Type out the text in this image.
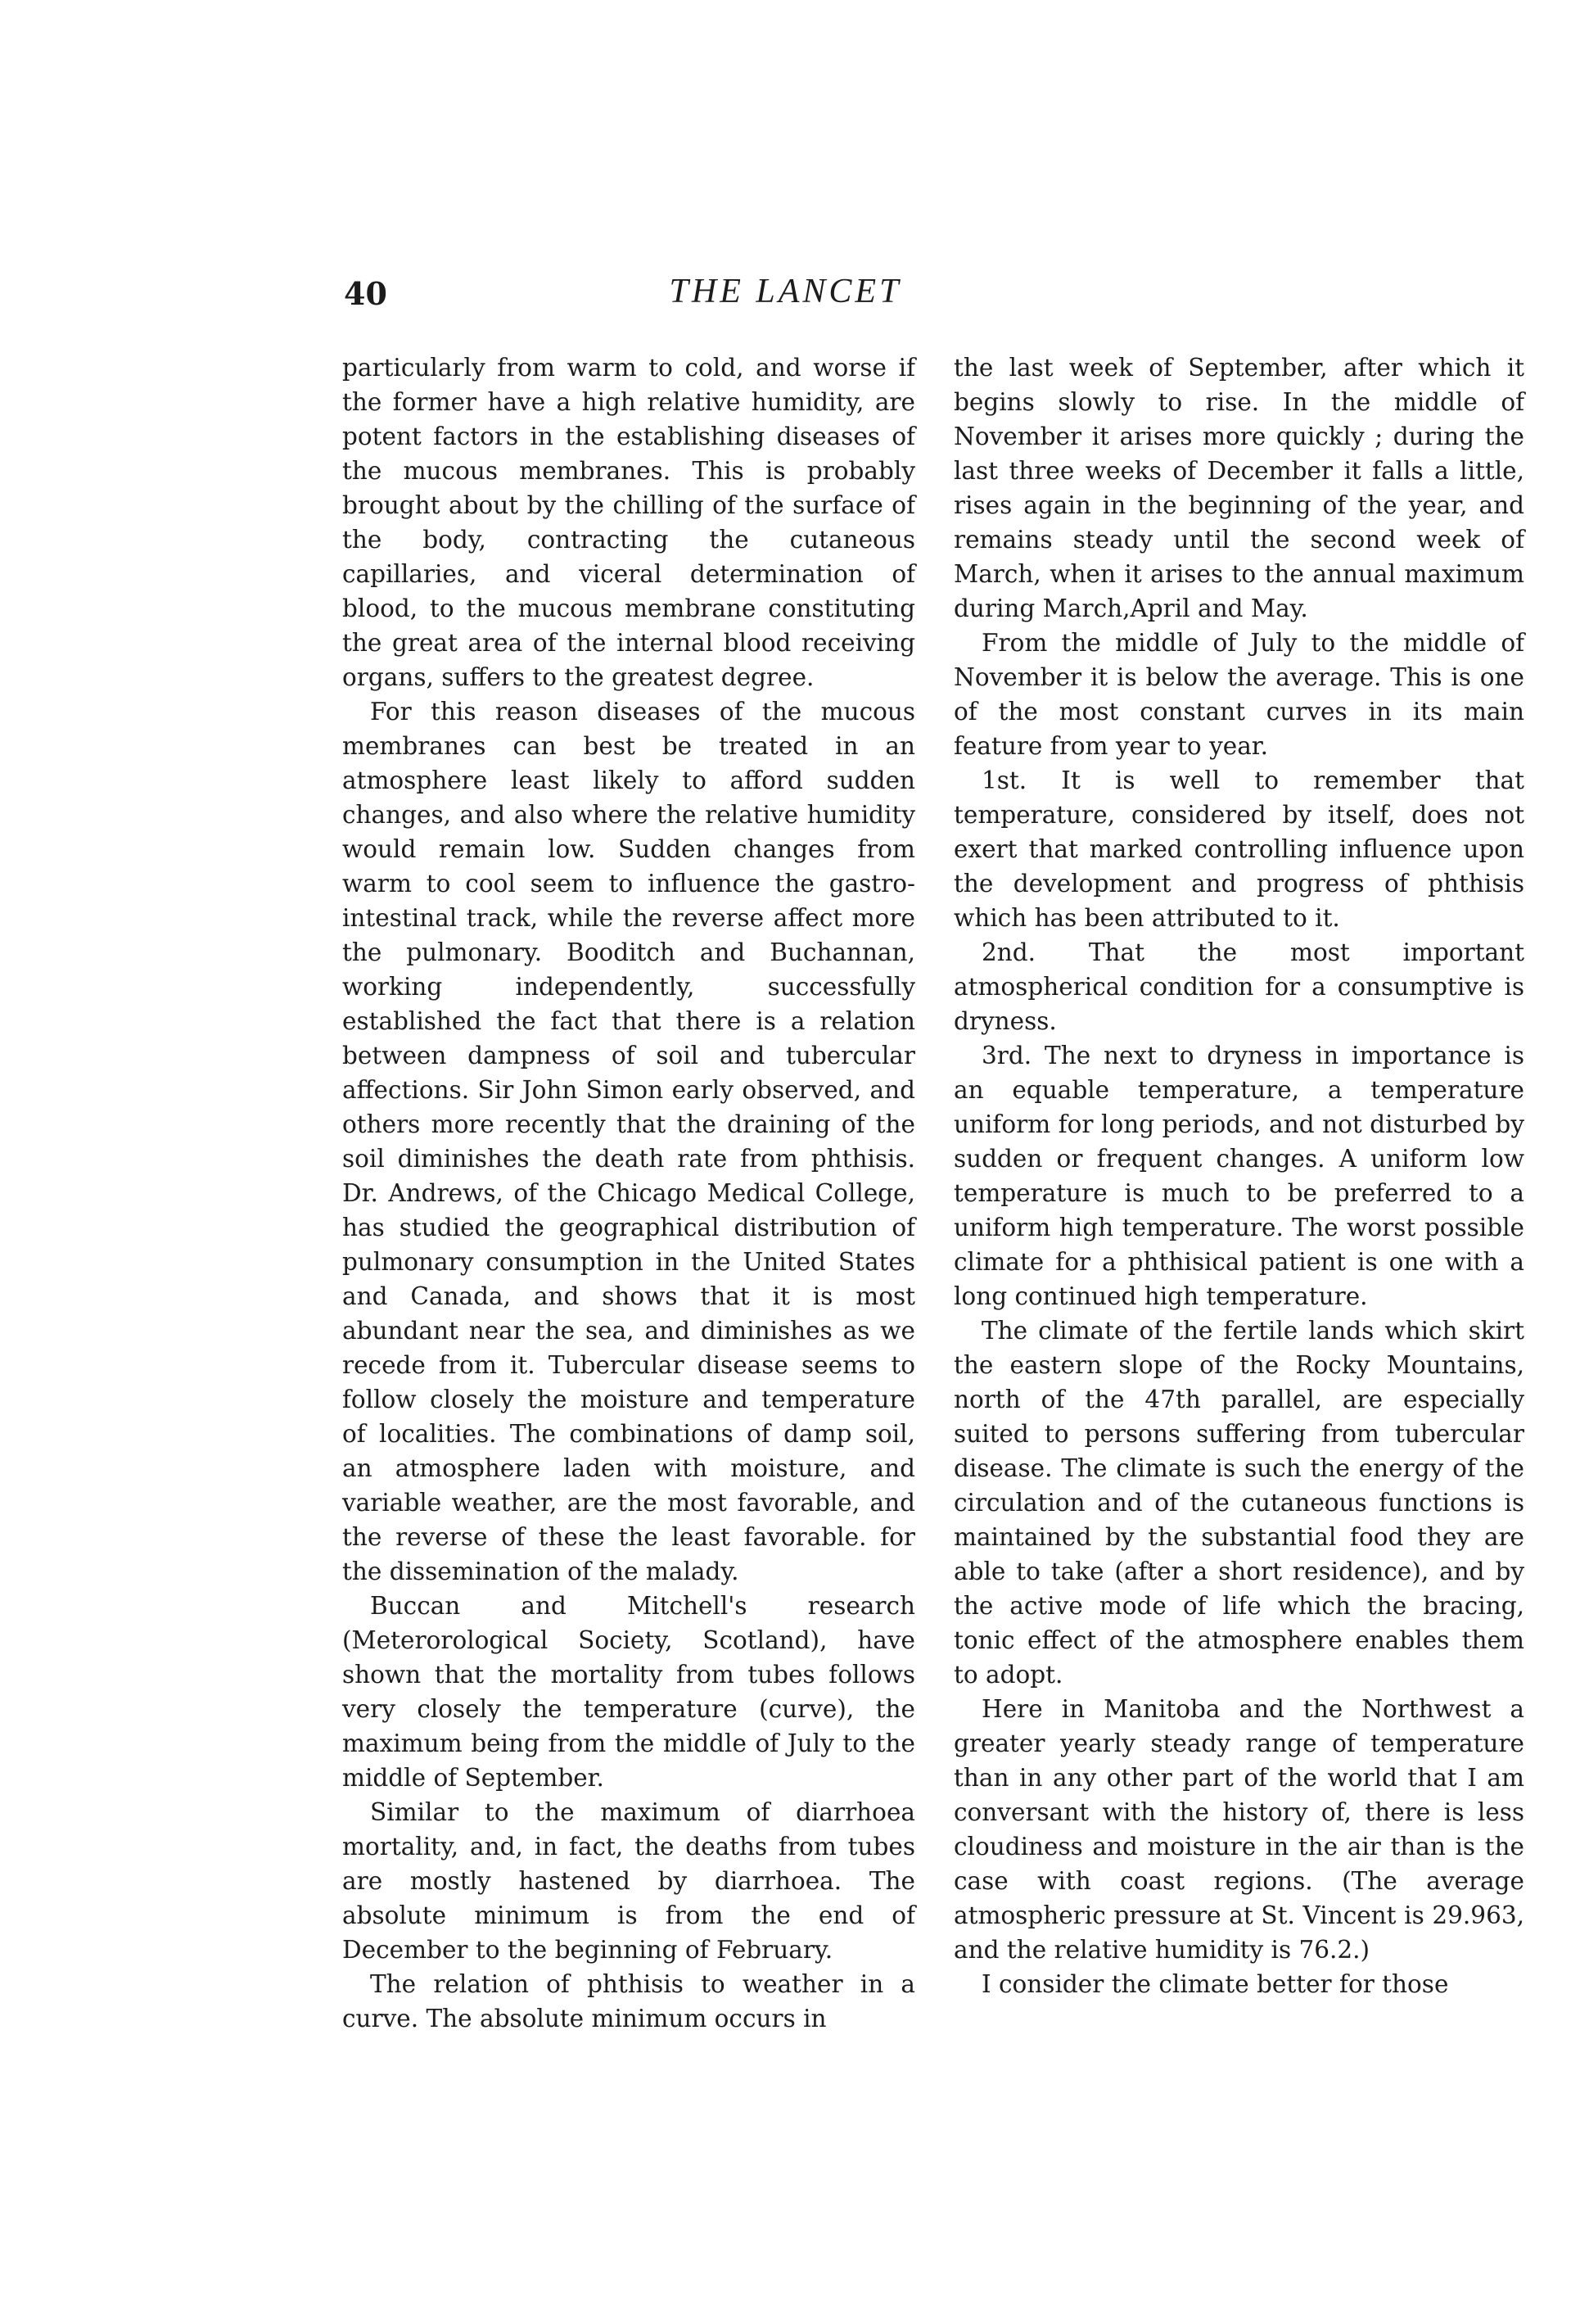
40	THE LANCET

particularly from warm to cold, and worse if the former have a high relative humidity, are potent factors in the establishing diseases of the mucous membranes. This is probably brought about by the chilling of the surface of the body, contracting the cutaneous capillaries, and viceral determination of blood, to the mucous membrane constituting the great area of the internal blood receiving organs, suffers to the greatest degree.

For this reason diseases of the mucous membranes can best be treated in an atmosphere least likely to afford sudden changes, and also where the relative humidity would remain low. Sudden changes from warm to cool seem to influence the gastro-intestinal track, while the reverse affect more the pulmonary. Booditch and Buchannan, working independently, successfully established the fact that there is a relation between dampness of soil and tubercular affections. Sir John Simon early observed, and others more recently that the draining of the soil diminishes the death rate from phthisis. Dr. Andrews, of the Chicago Medical College, has studied the geographical distribution of pulmonary consumption in the United States and Canada, and shows that it is most abundant near the sea, and diminishes as we recede from it. Tubercular disease seems to follow closely the moisture and temperature of localities. The combinations of damp soil, an atmosphere laden with moisture, and variable weather, are the most favorable, and the reverse of these the least favorable. for the dissemination of the malady.

Buccan and Mitchell's research (Meterorological Society, Scotland), have shown that the mortality from tubes follows very closely the temperature (curve), the maximum being from the middle of July to the middle of September.

Similar to the maximum of diarrhoea mortality, and, in fact, the deaths from tubes are mostly hastened by diarrhoea. The absolute minimum is from the end of December to the beginning of February.

The relation of phthisis to weather in a curve. The absolute minimum occurs in

the last week of September, after which it begins slowly to rise. In the middle of November it arises more quickly ; during the last three weeks of December it falls a little, rises again in the beginning of the year, and remains steady until the second week of March, when it arises to the annual maximum during March,April and May.

From the middle of July to the middle of November it is below the average. This is one of the most constant curves in its main feature from year to year.

1st. It is well to remember that temperature, considered by itself, does not exert that marked controlling influence upon the development and progress of phthisis which has been attributed to it.

2nd. That the most important atmospherical condition for a consumptive is dryness.

3rd. The next to dryness in importance is an equable temperature, a temperature uniform for long periods, and not disturbed by sudden or frequent changes. A uniform low temperature is much to be preferred to a uniform high temperature. The worst possible climate for a phthisical patient is one with a long continued high temperature.

The climate of the fertile lands which skirt the eastern slope of the Rocky Mountains, north of the 47th parallel, are especially suited to persons suffering from tubercular disease. The climate is such the energy of the circulation and of the cutaneous functions is maintained by the substantial food they are able to take (after a short residence), and by the active mode of life which the bracing, tonic effect of the atmosphere enables them to adopt.

Here in Manitoba and the Northwest a greater yearly steady range of temperature than in any other part of the world that I am conversant with the history of, there is less cloudiness and moisture in the air than is the case with coast regions. (The average atmospheric pressure at St. Vincent is 29.963, and the relative humidity is 76.2.)

I consider the climate better for those
